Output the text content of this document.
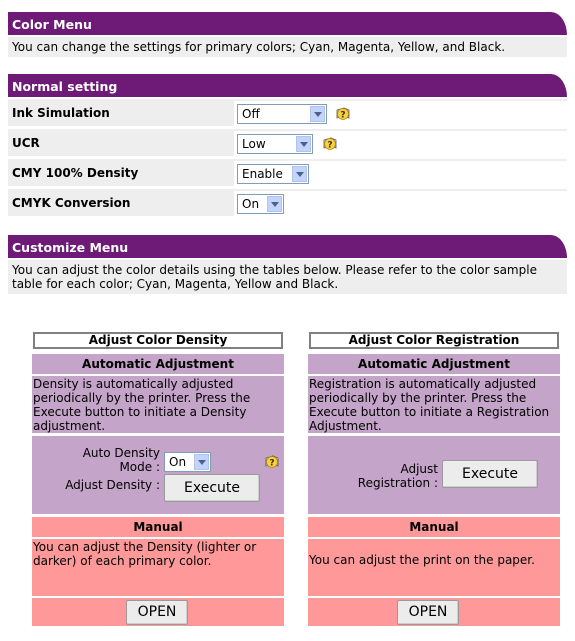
Color Menu
You can change the settings for primary colors; Cyan, Magenta, Yellow, and Black.
Normal setting
Ink Simulation	Off	?
UCR	Low	?
CMY 100% Density	Enable
CMYK Conversion	On
Customize Menu
You can adjust the color details using the tables below. Please refer to the color sample table for each color; Cyan, Magenta, Yellow and Black.
Adjust Color Density
Automatic Adjustment
Density is automatically adjusted periodically by the printer. Press the Execute button to initiate a Density adjustment.
Auto Density Mode : On	?
Adjust Density :	Execute
Manual
You can adjust the Density (lighter or darker) of each primary color.
OPEN
Adjust Color Registration
Automatic Adjustment
Registration is automatically adjusted periodically by the printer. Press the Execute button to initiate a Registration Adjustment.
Adjust Registration :
Execute
Manual
You can adjust the print on the paper.
OPEN
